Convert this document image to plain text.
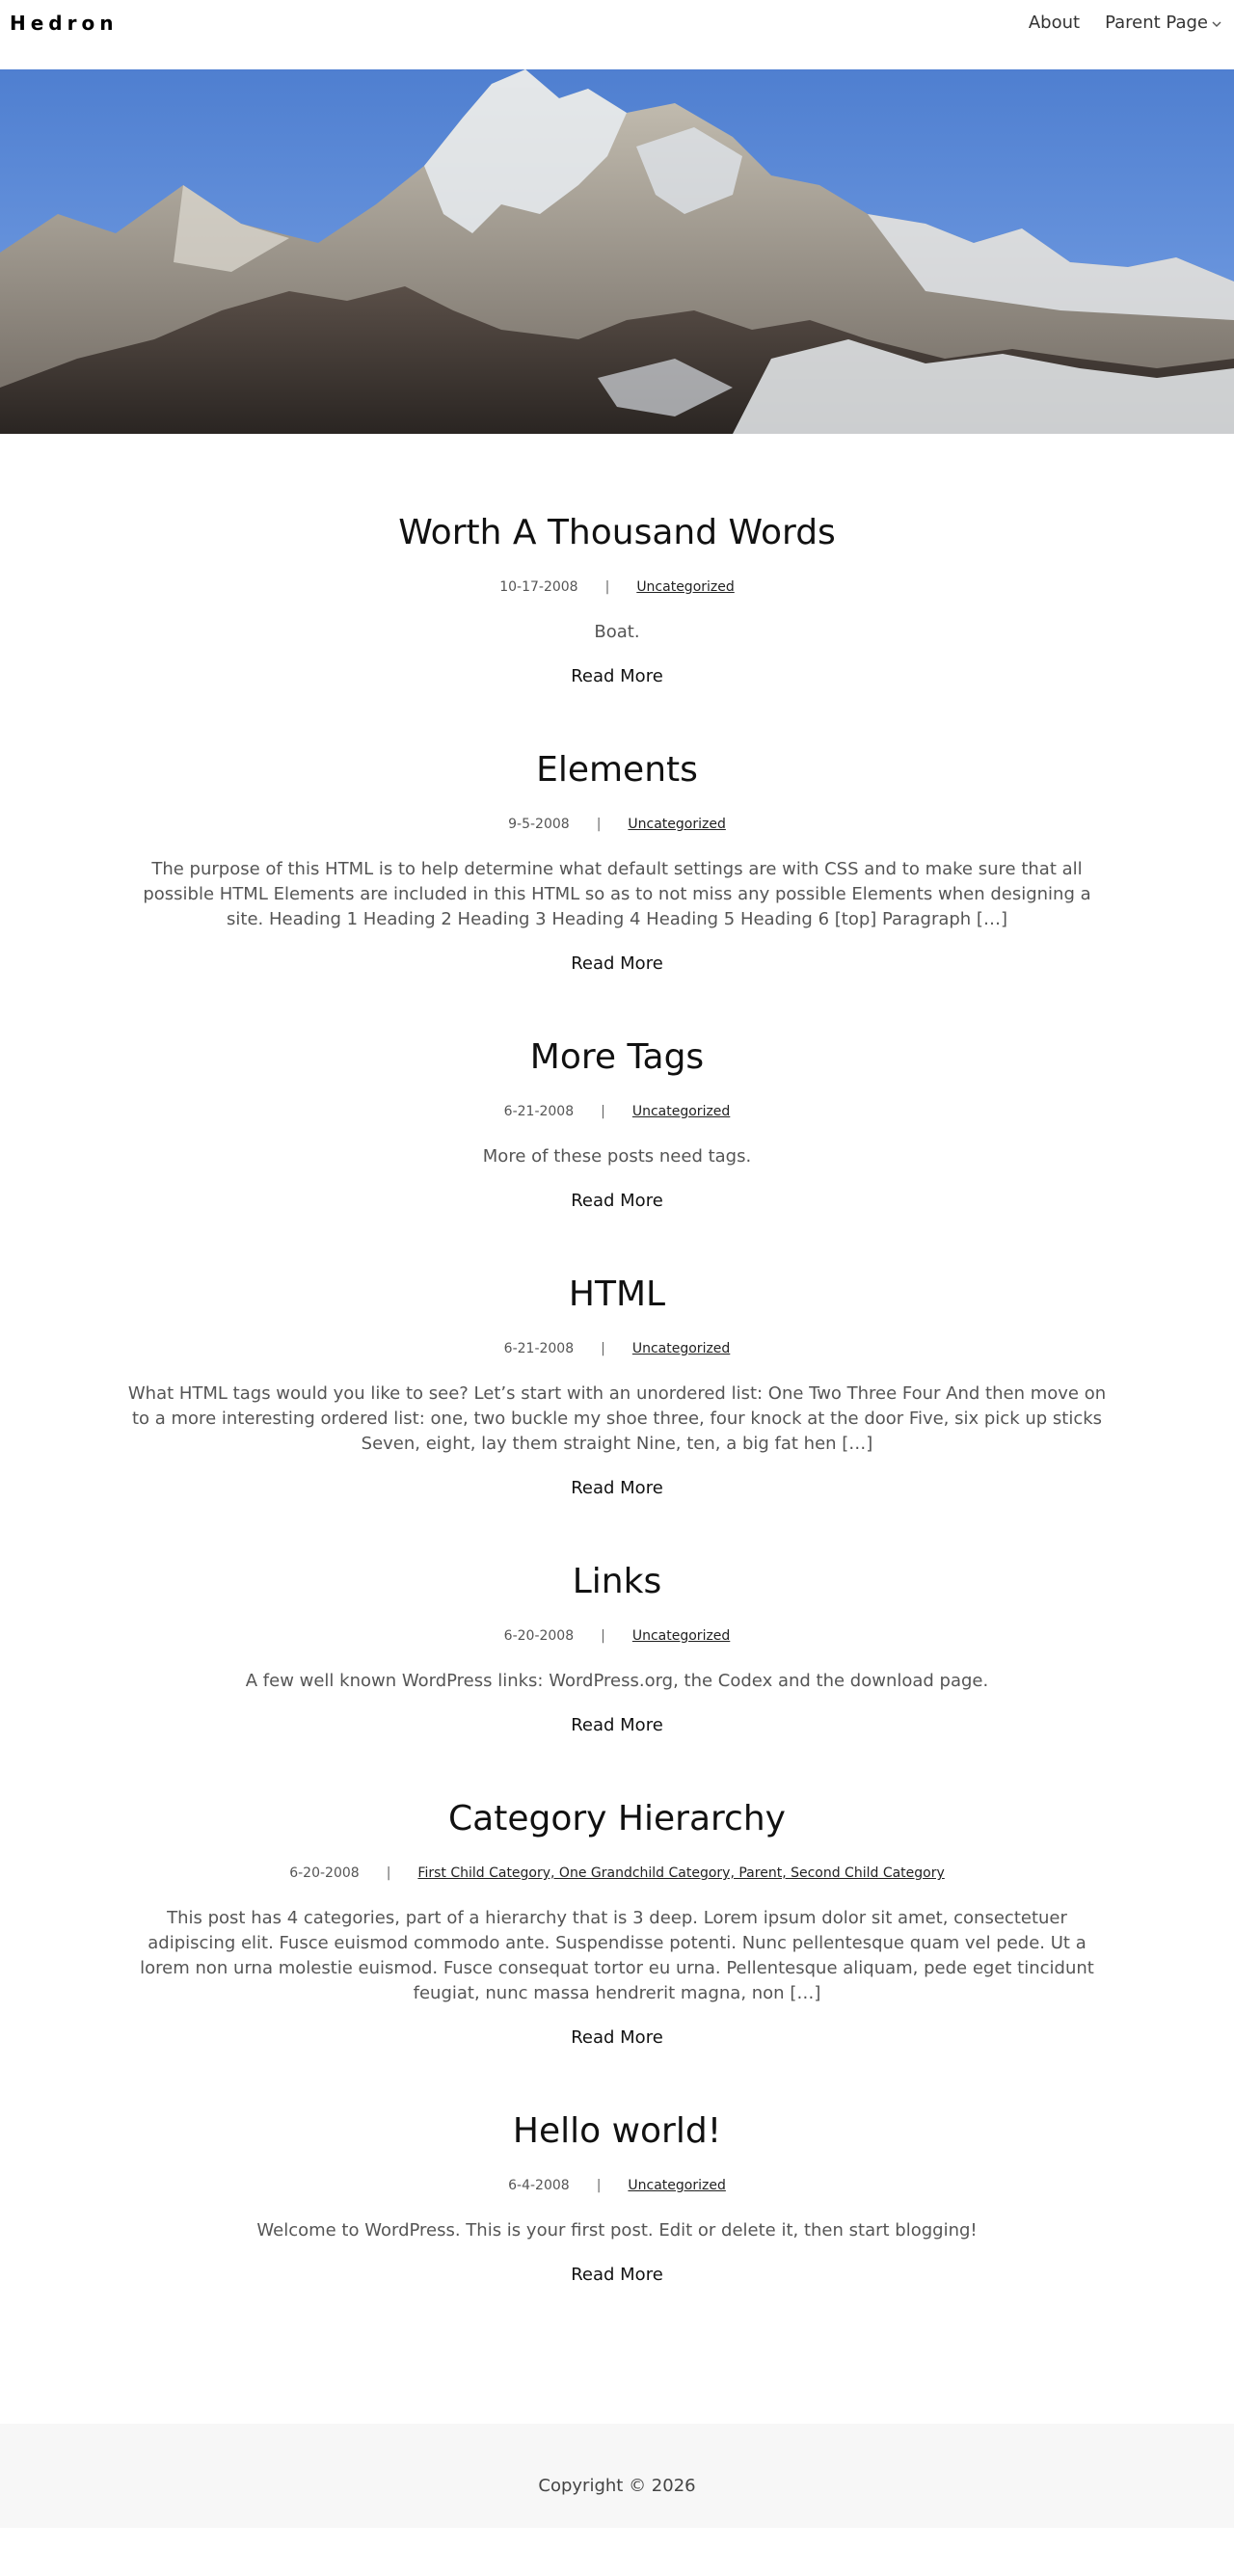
Hedron	About Parent Page
Worth A Thousand Words
10-17-2008 | Uncategorized

Boat.

Read More
Elements
9-5-2008 | Uncategorized

The purpose of this HTML is to help determine what default settings are with CSS and to make sure that all possible HTML Elements are included in this HTML so as to not miss any possible Elements when designing a site. Heading 1 Heading 2 Heading 3 Heading 4 Heading 5 Heading 6 [top] Paragraph […]

Read More
More Tags
6-21-2008 | Uncategorized

More of these posts need tags.

Read More
HTML
6-21-2008 | Uncategorized

What HTML tags would you like to see? Let’s start with an unordered list: One Two Three Four And then move on to a more interesting ordered list: one, two buckle my shoe three, four knock at the door Five, six pick up sticks Seven, eight, lay them straight Nine, ten, a big fat hen […]

Read More
Links
6-20-2008 | Uncategorized

A few well known WordPress links: WordPress.org, the Codex and the download page.

Read More
Category Hierarchy
6-20-2008 | First Child Category, One Grandchild Category, Parent, Second Child Category

This post has 4 categories, part of a hierarchy that is 3 deep. Lorem ipsum dolor sit amet, consectetuer adipiscing elit. Fusce euismod commodo ante. Suspendisse potenti. Nunc pellentesque quam vel pede. Ut a lorem non urna molestie euismod. Fusce consequat tortor eu urna. Pellentesque aliquam, pede eget tincidunt feugiat, nunc massa hendrerit magna, non […]

Read More
Hello world!
6-4-2008 | Uncategorized

Welcome to WordPress. This is your first post. Edit or delete it, then start blogging!

Read More
Copyright © 2026
